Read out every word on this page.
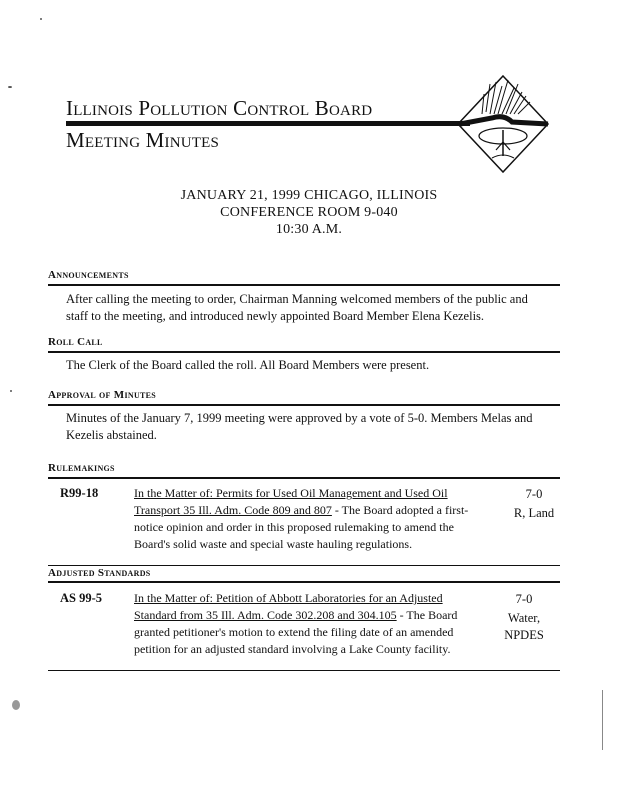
Illinois Pollution Control Board
Meeting Minutes
JANUARY 21, 1999 CHICAGO, ILLINOIS
CONFERENCE ROOM 9-040
10:30 A.M.
Announcements
After calling the meeting to order, Chairman Manning welcomed members of the public and staff to the meeting, and introduced newly appointed Board Member Elena Kezelis.
Roll Call
The Clerk of the Board called the roll. All Board Members were present.
Approval of Minutes
Minutes of the January 7, 1999 meeting were approved by a vote of 5-0. Members Melas and Kezelis abstained.
Rulemakings
R99-18	In the Matter of: Permits for Used Oil Management and Used Oil Transport 35 Ill. Adm. Code 809 and 807 - The Board adopted a first-notice opinion and order in this proposed rulemaking to amend the Board's solid waste and special waste hauling regulations.
7-0
R, Land
Adjusted Standards
AS 99-5	In the Matter of: Petition of Abbott Laboratories for an Adjusted Standard from 35 Ill. Adm. Code 302.208 and 304.105 - The Board granted petitioner's motion to extend the filing date of an amended petition for an adjusted standard involving a Lake County facility.
7-0
Water, NPDES
